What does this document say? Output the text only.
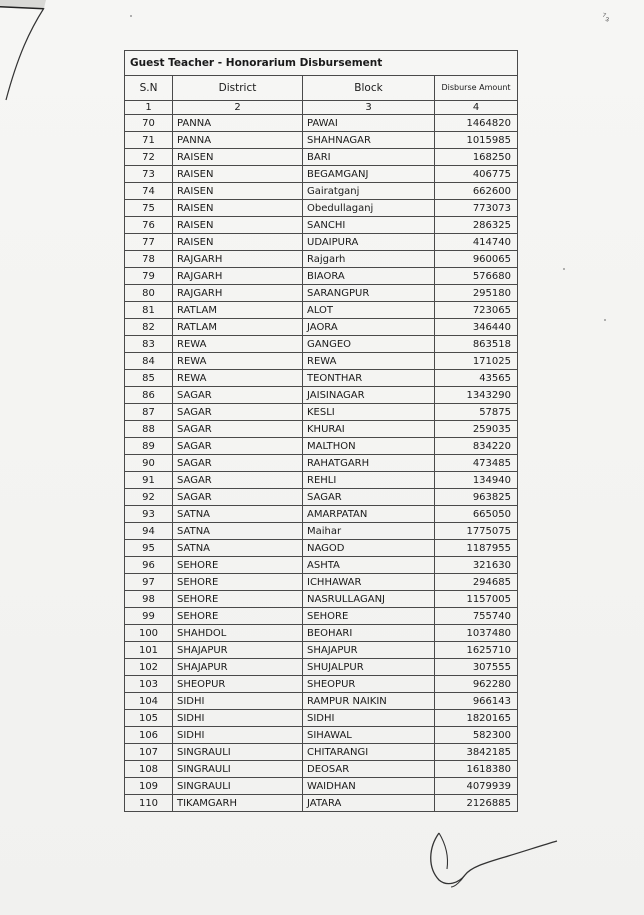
⁷₃
Guest Teacher - Honorarium Disbursement			
S.N	District	Block	Disburse Amount
1	2	3	4
70	PANNA	PAWAI	1464820
71	PANNA	SHAHNAGAR	1015985
72	RAISEN	BARI	168250
73	RAISEN	BEGAMGANJ	406775
74	RAISEN	Gairatganj	662600
75	RAISEN	Obedullaganj	773073
76	RAISEN	SANCHI	286325
77	RAISEN	UDAIPURA	414740
78	RAJGARH	Rajgarh	960065
79	RAJGARH	BIAORA	576680
80	RAJGARH	SARANGPUR	295180
81	RATLAM	ALOT	723065
82	RATLAM	JAORA	346440
83	REWA	GANGEO	863518
84	REWA	REWA	171025
85	REWA	TEONTHAR	43565
86	SAGAR	JAISINAGAR	1343290
87	SAGAR	KESLI	57875
88	SAGAR	KHURAI	259035
89	SAGAR	MALTHON	834220
90	SAGAR	RAHATGARH	473485
91	SAGAR	REHLI	134940
92	SAGAR	SAGAR	963825
93	SATNA	AMARPATAN	665050
94	SATNA	Maihar	1775075
95	SATNA	NAGOD	1187955
96	SEHORE	ASHTA	321630
97	SEHORE	ICHHAWAR	294685
98	SEHORE	NASRULLAGANJ	1157005
99	SEHORE	SEHORE	755740
100	SHAHDOL	BEOHARI	1037480
101	SHAJAPUR	SHAJAPUR	1625710
102	SHAJAPUR	SHUJALPUR	307555
103	SHEOPUR	SHEOPUR	962280
104	SIDHI	RAMPUR NAIKIN	966143
105	SIDHI	SIDHI	1820165
106	SIDHI	SIHAWAL	582300
107	SINGRAULI	CHITARANGI	3842185
108	SINGRAULI	DEOSAR	1618380
109	SINGRAULI	WAIDHAN	4079939
110	TIKAMGARH	JATARA	2126885
